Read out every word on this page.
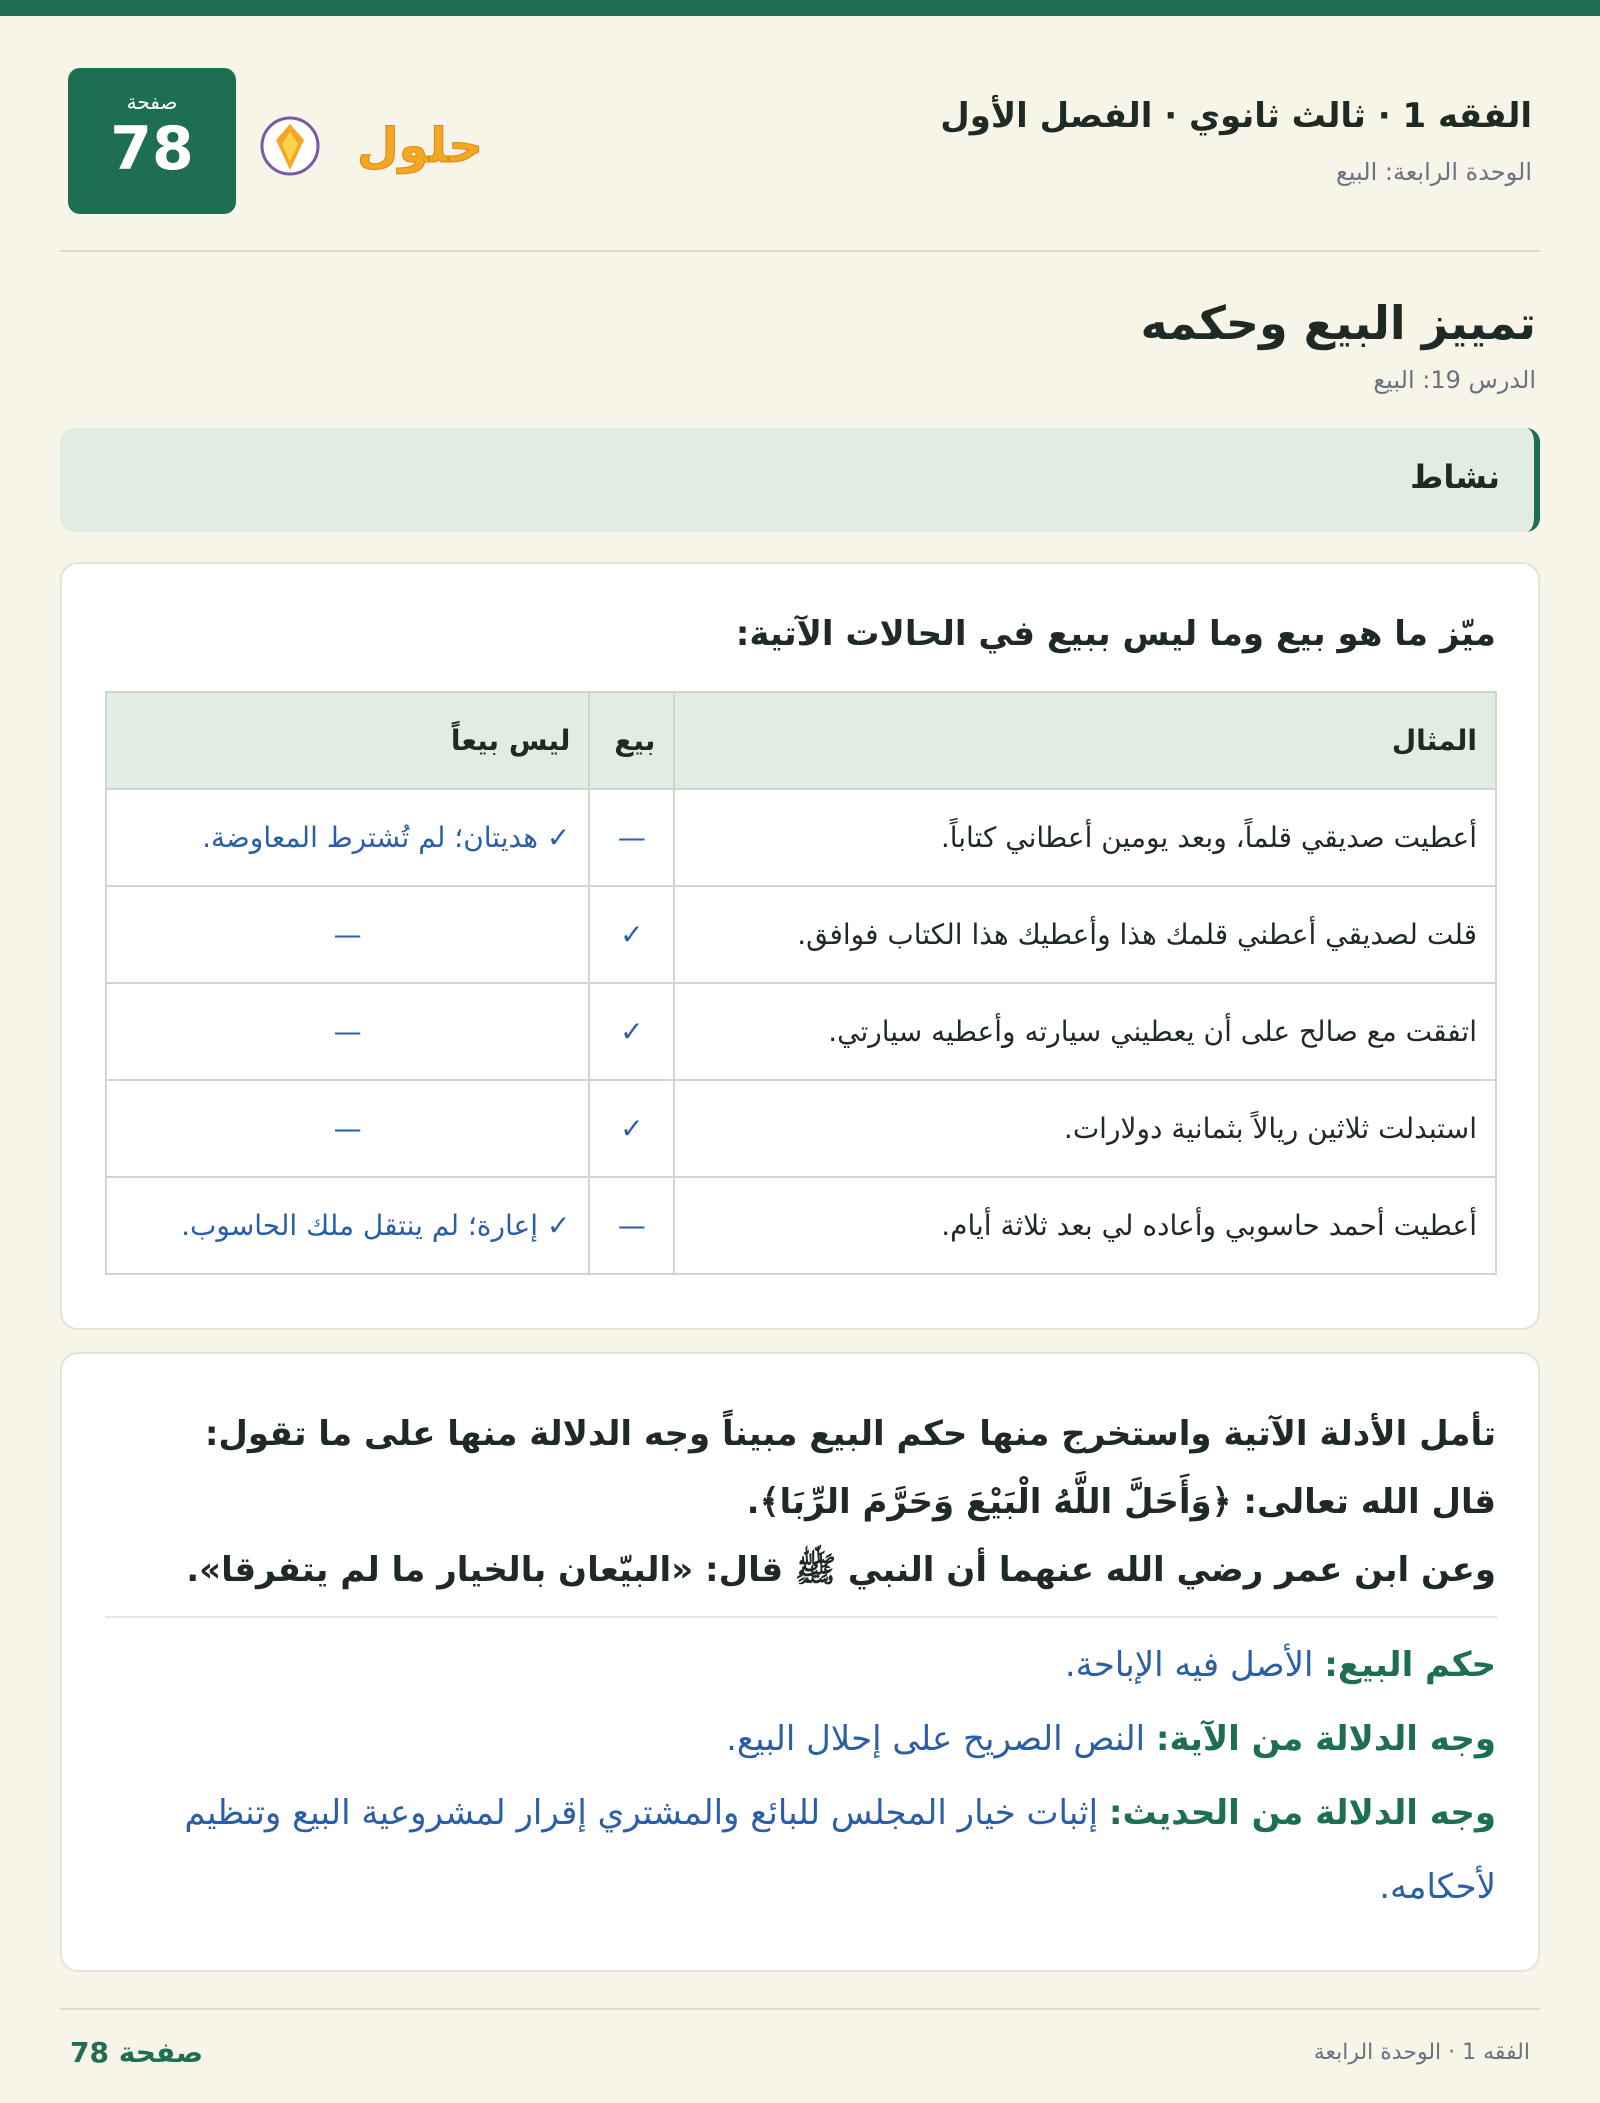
صفحة
78	حلول
الفقه 1 · ثالث ثانوي · الفصل الأول
الوحدة الرابعة: البيع
تمييز البيع وحكمه
الدرس 19: البيع
نشاط
ميّز ما هو بيع وما ليس ببيع في الحالات الآتية:
المثال	بيع	ليس بيعاً
أعطيت صديقي قلماً، وبعد يومين أعطاني كتاباً.	—	✓ هديتان؛ لم تُشترط المعاوضة.
قلت لصديقي أعطني قلمك هذا وأعطيك هذا الكتاب فوافق.	✓	—
اتفقت مع صالح على أن يعطيني سيارته وأعطيه سيارتي.	✓	—
استبدلت ثلاثين ريالاً بثمانية دولارات.	✓	—
أعطيت أحمد حاسوبي وأعاده لي بعد ثلاثة أيام.	—	✓ إعارة؛ لم ينتقل ملك الحاسوب.
تأمل الأدلة الآتية واستخرج منها حكم البيع مبيناً وجه الدلالة منها على ما تقول:
قال الله تعالى: ﴿وَأَحَلَّ اللَّهُ الْبَيْعَ وَحَرَّمَ الرِّبَا﴾.
وعن ابن عمر رضي الله عنهما أن النبي ﷺ قال: «البيّعان بالخيار ما لم يتفرقا».

حكم البيع: الأصل فيه الإباحة.

وجه الدلالة من الآية: النص الصريح على إحلال البيع.

وجه الدلالة من الحديث: إثبات خيار المجلس للبائع والمشتري إقرار لمشروعية البيع وتنظيم لأحكامه.

صفحة 78	الفقه 1 · الوحدة الرابعة
